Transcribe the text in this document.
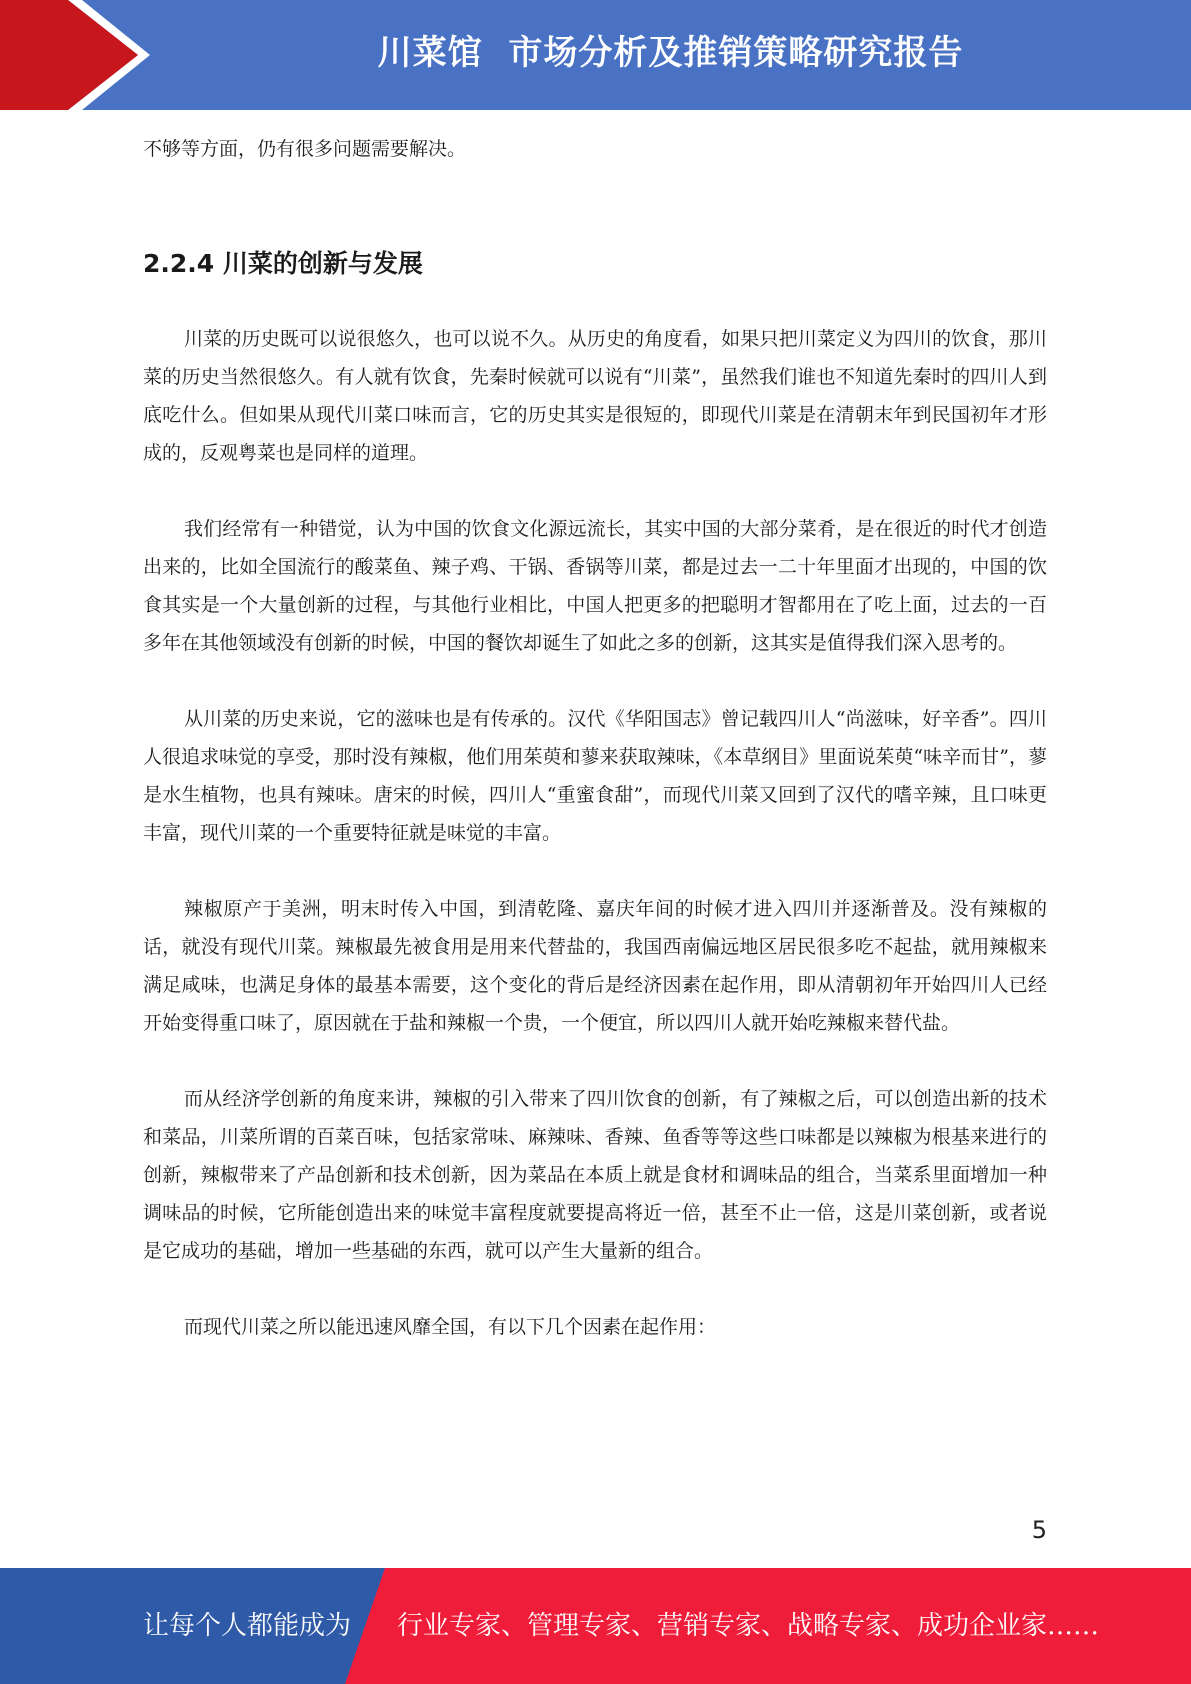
川菜馆  市场分析及推销策略研究报告

不够等方面，仍有很多问题需要解决。

2.2.4 川菜的创新与发展

川菜的历史既可以说很悠久，也可以说不久。从历史的角度看，如果只把川菜定义为四川的饮食，那川菜的历史当然很悠久。有人就有饮食，先秦时候就可以说有“川菜”，虽然我们谁也不知道先秦时的四川人到底吃什么。但如果从现代川菜口味而言，它的历史其实是很短的，即现代川菜是在清朝末年到民国初年才形成的，反观粤菜也是同样的道理。

我们经常有一种错觉，认为中国的饮食文化源远流长，其实中国的大部分菜肴，是在很近的时代才创造出来的，比如全国流行的酸菜鱼、辣子鸡、干锅、香锅等川菜，都是过去一二十年里面才出现的，中国的饮食其实是一个大量创新的过程，与其他行业相比，中国人把更多的把聪明才智都用在了吃上面，过去的一百多年在其他领域没有创新的时候，中国的餐饮却诞生了如此之多的创新，这其实是值得我们深入思考的。

从川菜的历史来说，它的滋味也是有传承的。汉代《华阳国志》曾记载四川人“尚滋味，好辛香”。四川人很追求味觉的享受，那时没有辣椒，他们用茱萸和蓼来获取辣味，《本草纲目》里面说茱萸“味辛而甘”，蓼是水生植物，也具有辣味。唐宋的时候，四川人“重蜜食甜”，而现代川菜又回到了汉代的嗜辛辣，且口味更丰富，现代川菜的一个重要特征就是味觉的丰富。

辣椒原产于美洲，明末时传入中国，到清乾隆、嘉庆年间的时候才进入四川并逐渐普及。没有辣椒的话，就没有现代川菜。辣椒最先被食用是用来代替盐的，我国西南偏远地区居民很多吃不起盐，就用辣椒来满足咸味，也满足身体的最基本需要，这个变化的背后是经济因素在起作用，即从清朝初年开始四川人已经开始变得重口味了，原因就在于盐和辣椒一个贵，一个便宜，所以四川人就开始吃辣椒来替代盐。

而从经济学创新的角度来讲，辣椒的引入带来了四川饮食的创新，有了辣椒之后，可以创造出新的技术和菜品，川菜所谓的百菜百味，包括家常味、麻辣味、香辣、鱼香等等这些口味都是以辣椒为根基来进行的创新，辣椒带来了产品创新和技术创新，因为菜品在本质上就是食材和调味品的组合，当菜系里面增加一种调味品的时候，它所能创造出来的味觉丰富程度就要提高将近一倍，甚至不止一倍，这是川菜创新，或者说是它成功的基础，增加一些基础的东西，就可以产生大量新的组合。

而现代川菜之所以能迅速风靡全国，有以下几个因素在起作用：

5
让每个人都能成为 行业专家、管理专家、营销专家、战略专家、成功企业家……
